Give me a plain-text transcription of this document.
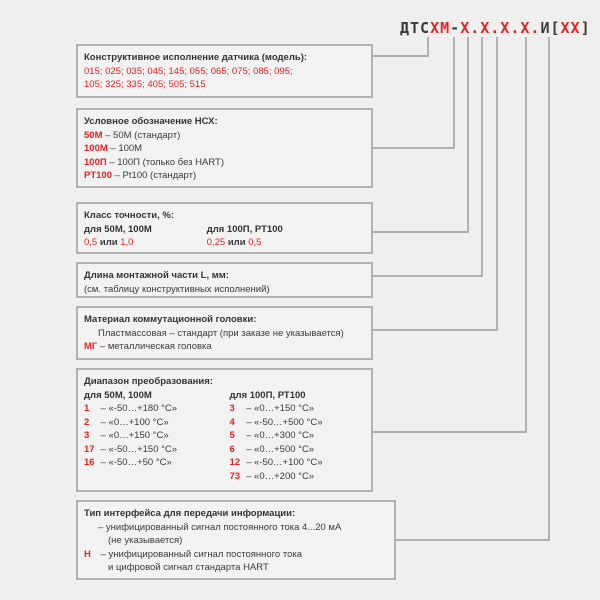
ДТСХМ-Х.Х.Х.Х.И[ХХ]
Конструктивное исполнение датчика (модель):
015; 025; 035; 045; 145; 055; 065; 075; 085; 095;
105; 325; 335; 405; 505; 515
Условное обозначение НСХ:
50М – 50М (стандарт)
100М – 100М
100П – 100П (только без HART)
PT100 – Pt100 (стандарт)
Класс точности, %:
для 50М, 100М
0,5 или 1,0
для 100П, РТ100
0,25 или 0,5
Длина монтажной части L, мм:
(см. таблицу конструктивных исполнений)
Материал коммутационной головки:
Пластмассовая – стандарт (при заказе не указывается)
МГ – металлическая головка
Диапазон преобразования:
для 50М, 100М
1 – «-50…+180 °С»
2 – «0…+100 °С»
3 – «0…+150 °С»
17 – «-50…+150 °С»
16 – «-50…+50 °С»
для 100П, РТ100
3 – «0…+150 °С»
4 – «-50…+500 °С»
5 – «0…+300 °С»
6 – «0…+500 °С»
12 – «-50…+100 °С»
73 – «0…+200 °С»
Тип интерфейса для передачи информации:
– унифицированный сигнал постоянного тока 4...20 мА
(не указывается)
Н – унифицированный сигнал постоянного тока
и цифровой сигнал стандарта HART
